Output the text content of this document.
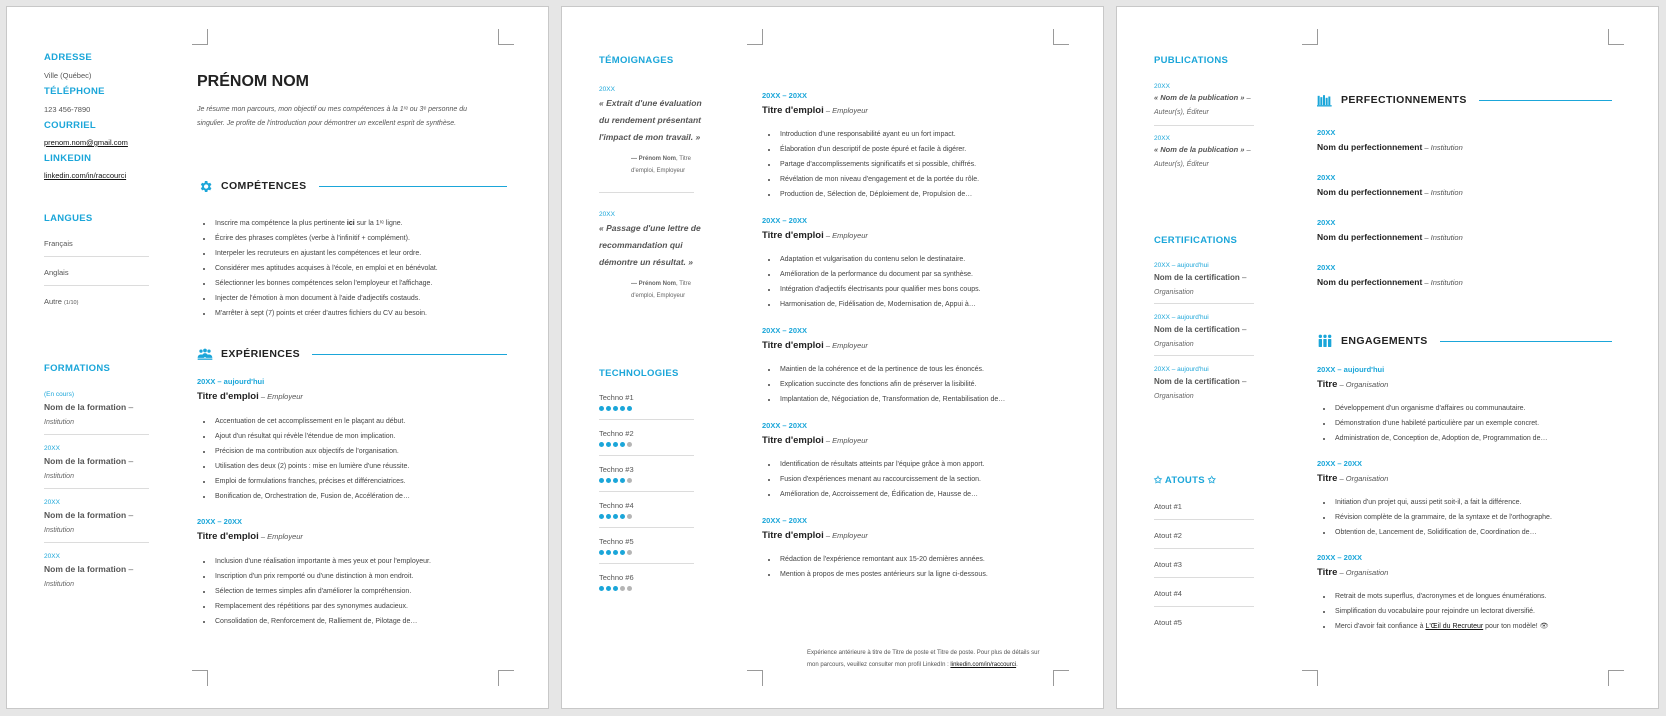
ADRESSE
Ville (Québec)
TÉLÉPHONE
123 456-7890
COURRIEL
prenom.nom@gmail.com
LINKEDIN
linkedin.com/in/raccourci
LANGUES
Français
Anglais
Autre (1/10)
FORMATIONS
(En cours)
Nom de la formation –
Institution
20XX
Nom de la formation –
Institution
20XX
Nom de la formation –
Institution
20XX
Nom de la formation –
Institution
PRÉNOM NOM
Je résume mon parcours, mon objectif ou mes compétences à la 1ʳᵉ ou 3ᵉ personne du singulier. Je profite de l'introduction pour démontrer un excellent esprit de synthèse.
COMPÉTENCES
• Inscrire ma compétence la plus pertinente ici sur la 1ʳᵉ ligne.
• Écrire des phrases complètes (verbe à l'infinitif + complément).
• Interpeler les recruteurs en ajustant les compétences et leur ordre.
• Considérer mes aptitudes acquises à l'école, en emploi et en bénévolat.
• Sélectionner les bonnes compétences selon l'employeur et l'affichage.
• Injecter de l'émotion à mon document à l'aide d'adjectifs costauds.
• M'arrêter à sept (7) points et créer d'autres fichiers du CV au besoin.
EXPÉRIENCES
20XX – aujourd'hui
Titre d'emploi – Employeur
• Accentuation de cet accomplissement en le plaçant au début.
• Ajout d'un résultat qui révèle l'étendue de mon implication.
• Précision de ma contribution aux objectifs de l'organisation.
• Utilisation des deux (2) points : mise en lumière d'une réussite.
• Emploi de formulations franches, précises et différenciatrices.
• Bonification de, Orchestration de, Fusion de, Accélération de…
20XX – 20XX
Titre d'emploi – Employeur
• Inclusion d'une réalisation importante à mes yeux et pour l'employeur.
• Inscription d'un prix remporté ou d'une distinction à mon endroit.
• Sélection de termes simples afin d'améliorer la compréhension.
• Remplacement des répétitions par des synonymes audacieux.
• Consolidation de, Renforcement de, Ralliement de, Pilotage de…
TÉMOIGNAGES
20XX
« Extrait d'une évaluation du rendement présentant l'impact de mon travail. »
— Prénom Nom, Titre d'emploi, Employeur
20XX
« Passage d'une lettre de recommandation qui démontre un résultat. »
— Prénom Nom, Titre d'emploi, Employeur
TECHNOLOGIES
Techno #1
Techno #2
Techno #3
Techno #4
Techno #5
Techno #6
20XX – 20XX
Titre d'emploi – Employeur
• Introduction d'une responsabilité ayant eu un fort impact.
• Élaboration d'un descriptif de poste épuré et facile à digérer.
• Partage d'accomplissements significatifs et si possible, chiffrés.
• Révélation de mon niveau d'engagement et de la portée du rôle.
• Production de, Sélection de, Déploiement de, Propulsion de…
20XX – 20XX
Titre d'emploi – Employeur
• Adaptation et vulgarisation du contenu selon le destinataire.
• Amélioration de la performance du document par sa synthèse.
• Intégration d'adjectifs électrisants pour qualifier mes bons coups.
• Harmonisation de, Fidélisation de, Modernisation de, Appui à…
20XX – 20XX
Titre d'emploi – Employeur
• Maintien de la cohérence et de la pertinence de tous les énoncés.
• Explication succincte des fonctions afin de préserver la lisibilité.
• Implantation de, Négociation de, Transformation de, Rentabilisation de…
20XX – 20XX
Titre d'emploi – Employeur
• Identification de résultats atteints par l'équipe grâce à mon apport.
• Fusion d'expériences menant au raccourcissement de la section.
• Amélioration de, Accroissement de, Édification de, Hausse de…
20XX – 20XX
Titre d'emploi – Employeur
• Rédaction de l'expérience remontant aux 15-20 dernières années.
• Mention à propos de mes postes antérieurs sur la ligne ci-dessous.
Expérience antérieure à titre de Titre de poste et Titre de poste. Pour plus de détails sur mon parcours, veuillez consulter mon profil LinkedIn : linkedin.com/in/raccourci.
PUBLICATIONS
20XX
« Nom de la publication » –
Auteur(s), Éditeur
20XX
« Nom de la publication » –
Auteur(s), Éditeur
CERTIFICATIONS
20XX – aujourd'hui
Nom de la certification –
Organisation
20XX – aujourd'hui
Nom de la certification –
Organisation
20XX – aujourd'hui
Nom de la certification –
Organisation
✩ ATOUTS ✩
Atout #1
Atout #2
Atout #3
Atout #4
Atout #5
PERFECTIONNEMENTS
20XX
Nom du perfectionnement – Institution
20XX
Nom du perfectionnement – Institution
20XX
Nom du perfectionnement – Institution
20XX
Nom du perfectionnement – Institution
ENGAGEMENTS
20XX – aujourd'hui
Titre – Organisation
• Développement d'un organisme d'affaires ou communautaire.
• Démonstration d'une habileté particulière par un exemple concret.
• Administration de, Conception de, Adoption de, Programmation de…
20XX – 20XX
Titre – Organisation
• Initiation d'un projet qui, aussi petit soit-il, a fait la différence.
• Révision complète de la grammaire, de la syntaxe et de l'orthographe.
• Obtention de, Lancement de, Solidification de, Coordination de…
20XX – 20XX
Titre – Organisation
• Retrait de mots superflus, d'acronymes et de longues énumérations.
• Simplification du vocabulaire pour rejoindre un lectorat diversifié.
• Merci d'avoir fait confiance à L'Œil du Recruteur pour ton modèle! 👁
